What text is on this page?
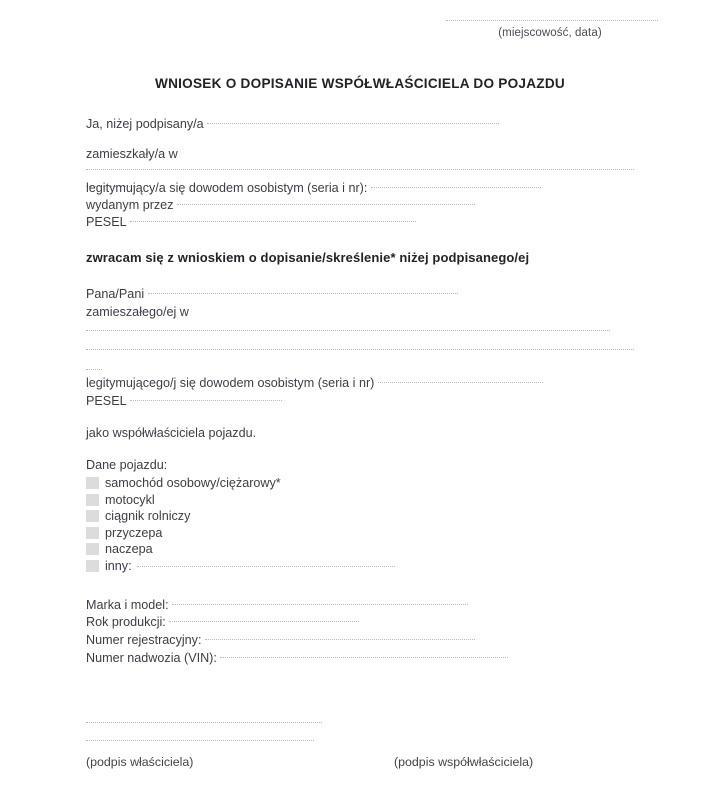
(miejscowość, data)
WNIOSEK O DOPISANIE WSPÓŁWŁAŚCICIELA DO POJAZDU
Ja, niżej podpisany/a
zamieszkały/a w
legitymujący/a się dowodem osobistym (seria i nr):
wydanym przez
PESEL
zwracam się z wnioskiem o dopisanie/skreślenie* niżej podpisanego/ej
Pana/Pani
zamieszałego/ej w
legitymującego/j się dowodem osobistym (seria i nr)
PESEL
jako współwłaściciela pojazdu.
Dane pojazdu:
samochód osobowy/ciężarowy*
motocykl
ciągnik rolniczy
przyczepa
naczepa
inny:
Marka i model:
Rok produkcji:
Numer rejestracyjny:
Numer nadwozia (VIN):
(podpis właściciela)	(podpis współwłaściciela)
